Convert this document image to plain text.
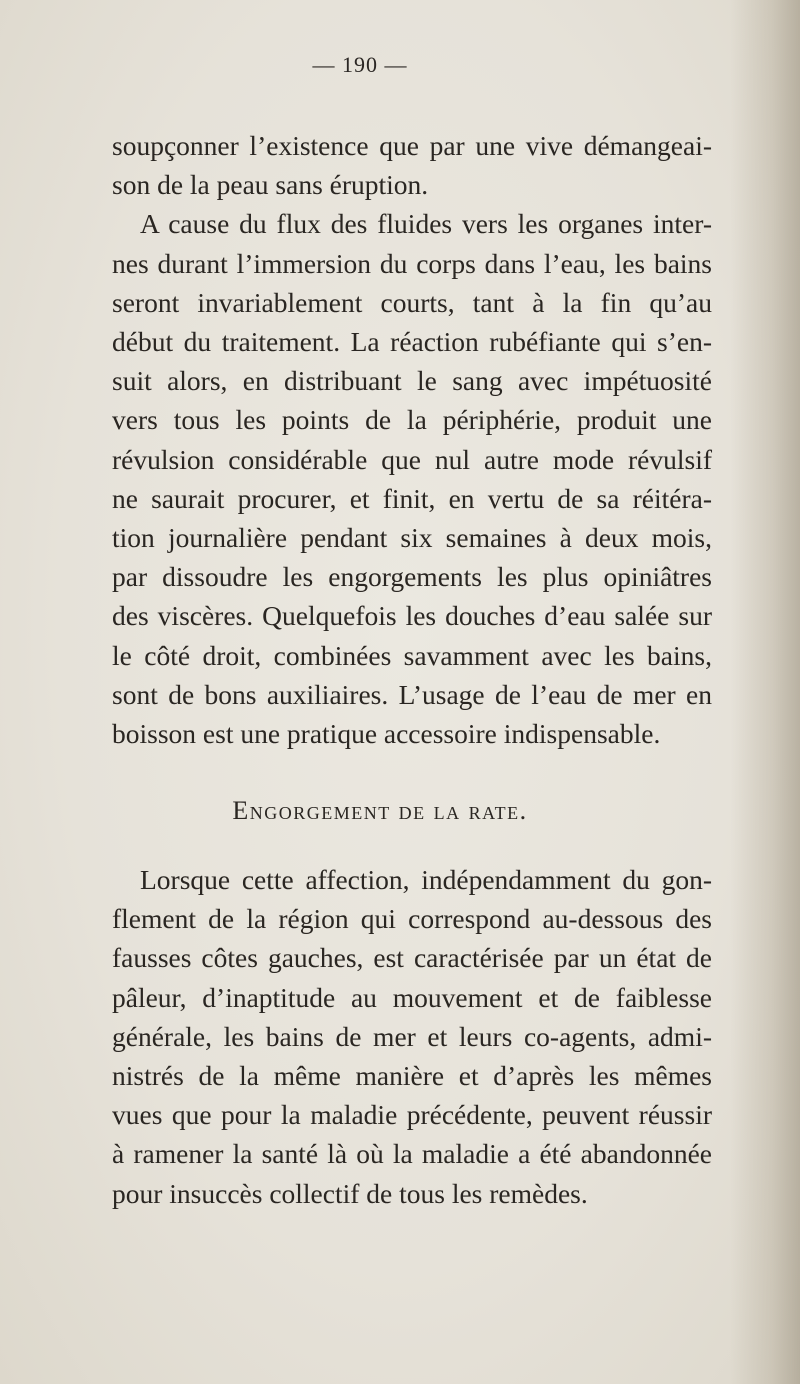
— 190 —
soupçonner l’existence que par une vive démangeai-
son de la peau sans éruption.
A cause du flux des fluides vers les organes inter-
nes durant l’immersion du corps dans l’eau, les bains
seront invariablement courts, tant à la fin qu’au
début du traitement. La réaction rubéfiante qui s’en-
suit alors, en distribuant le sang avec impétuosité
vers tous les points de la périphérie, produit une
révulsion considérable que nul autre mode révulsif
ne saurait procurer, et finit, en vertu de sa réitéra-
tion journalière pendant six semaines à deux mois,
par dissoudre les engorgements les plus opiniâtres
des viscères. Quelquefois les douches d’eau salée sur
le côté droit, combinées savamment avec les bains,
sont de bons auxiliaires. L’usage de l’eau de mer en
boisson est une pratique accessoire indispensable.
Engorgement de la rate.
Lorsque cette affection, indépendamment du gon-
flement de la région qui correspond au-dessous des
fausses côtes gauches, est caractérisée par un état de
pâleur, d’inaptitude au mouvement et de faiblesse
générale, les bains de mer et leurs co-agents, admi-
nistrés de la même manière et d’après les mêmes
vues que pour la maladie précédente, peuvent réussir
à ramener la santé là où la maladie a été abandonnée
pour insuccès collectif de tous les remèdes.
